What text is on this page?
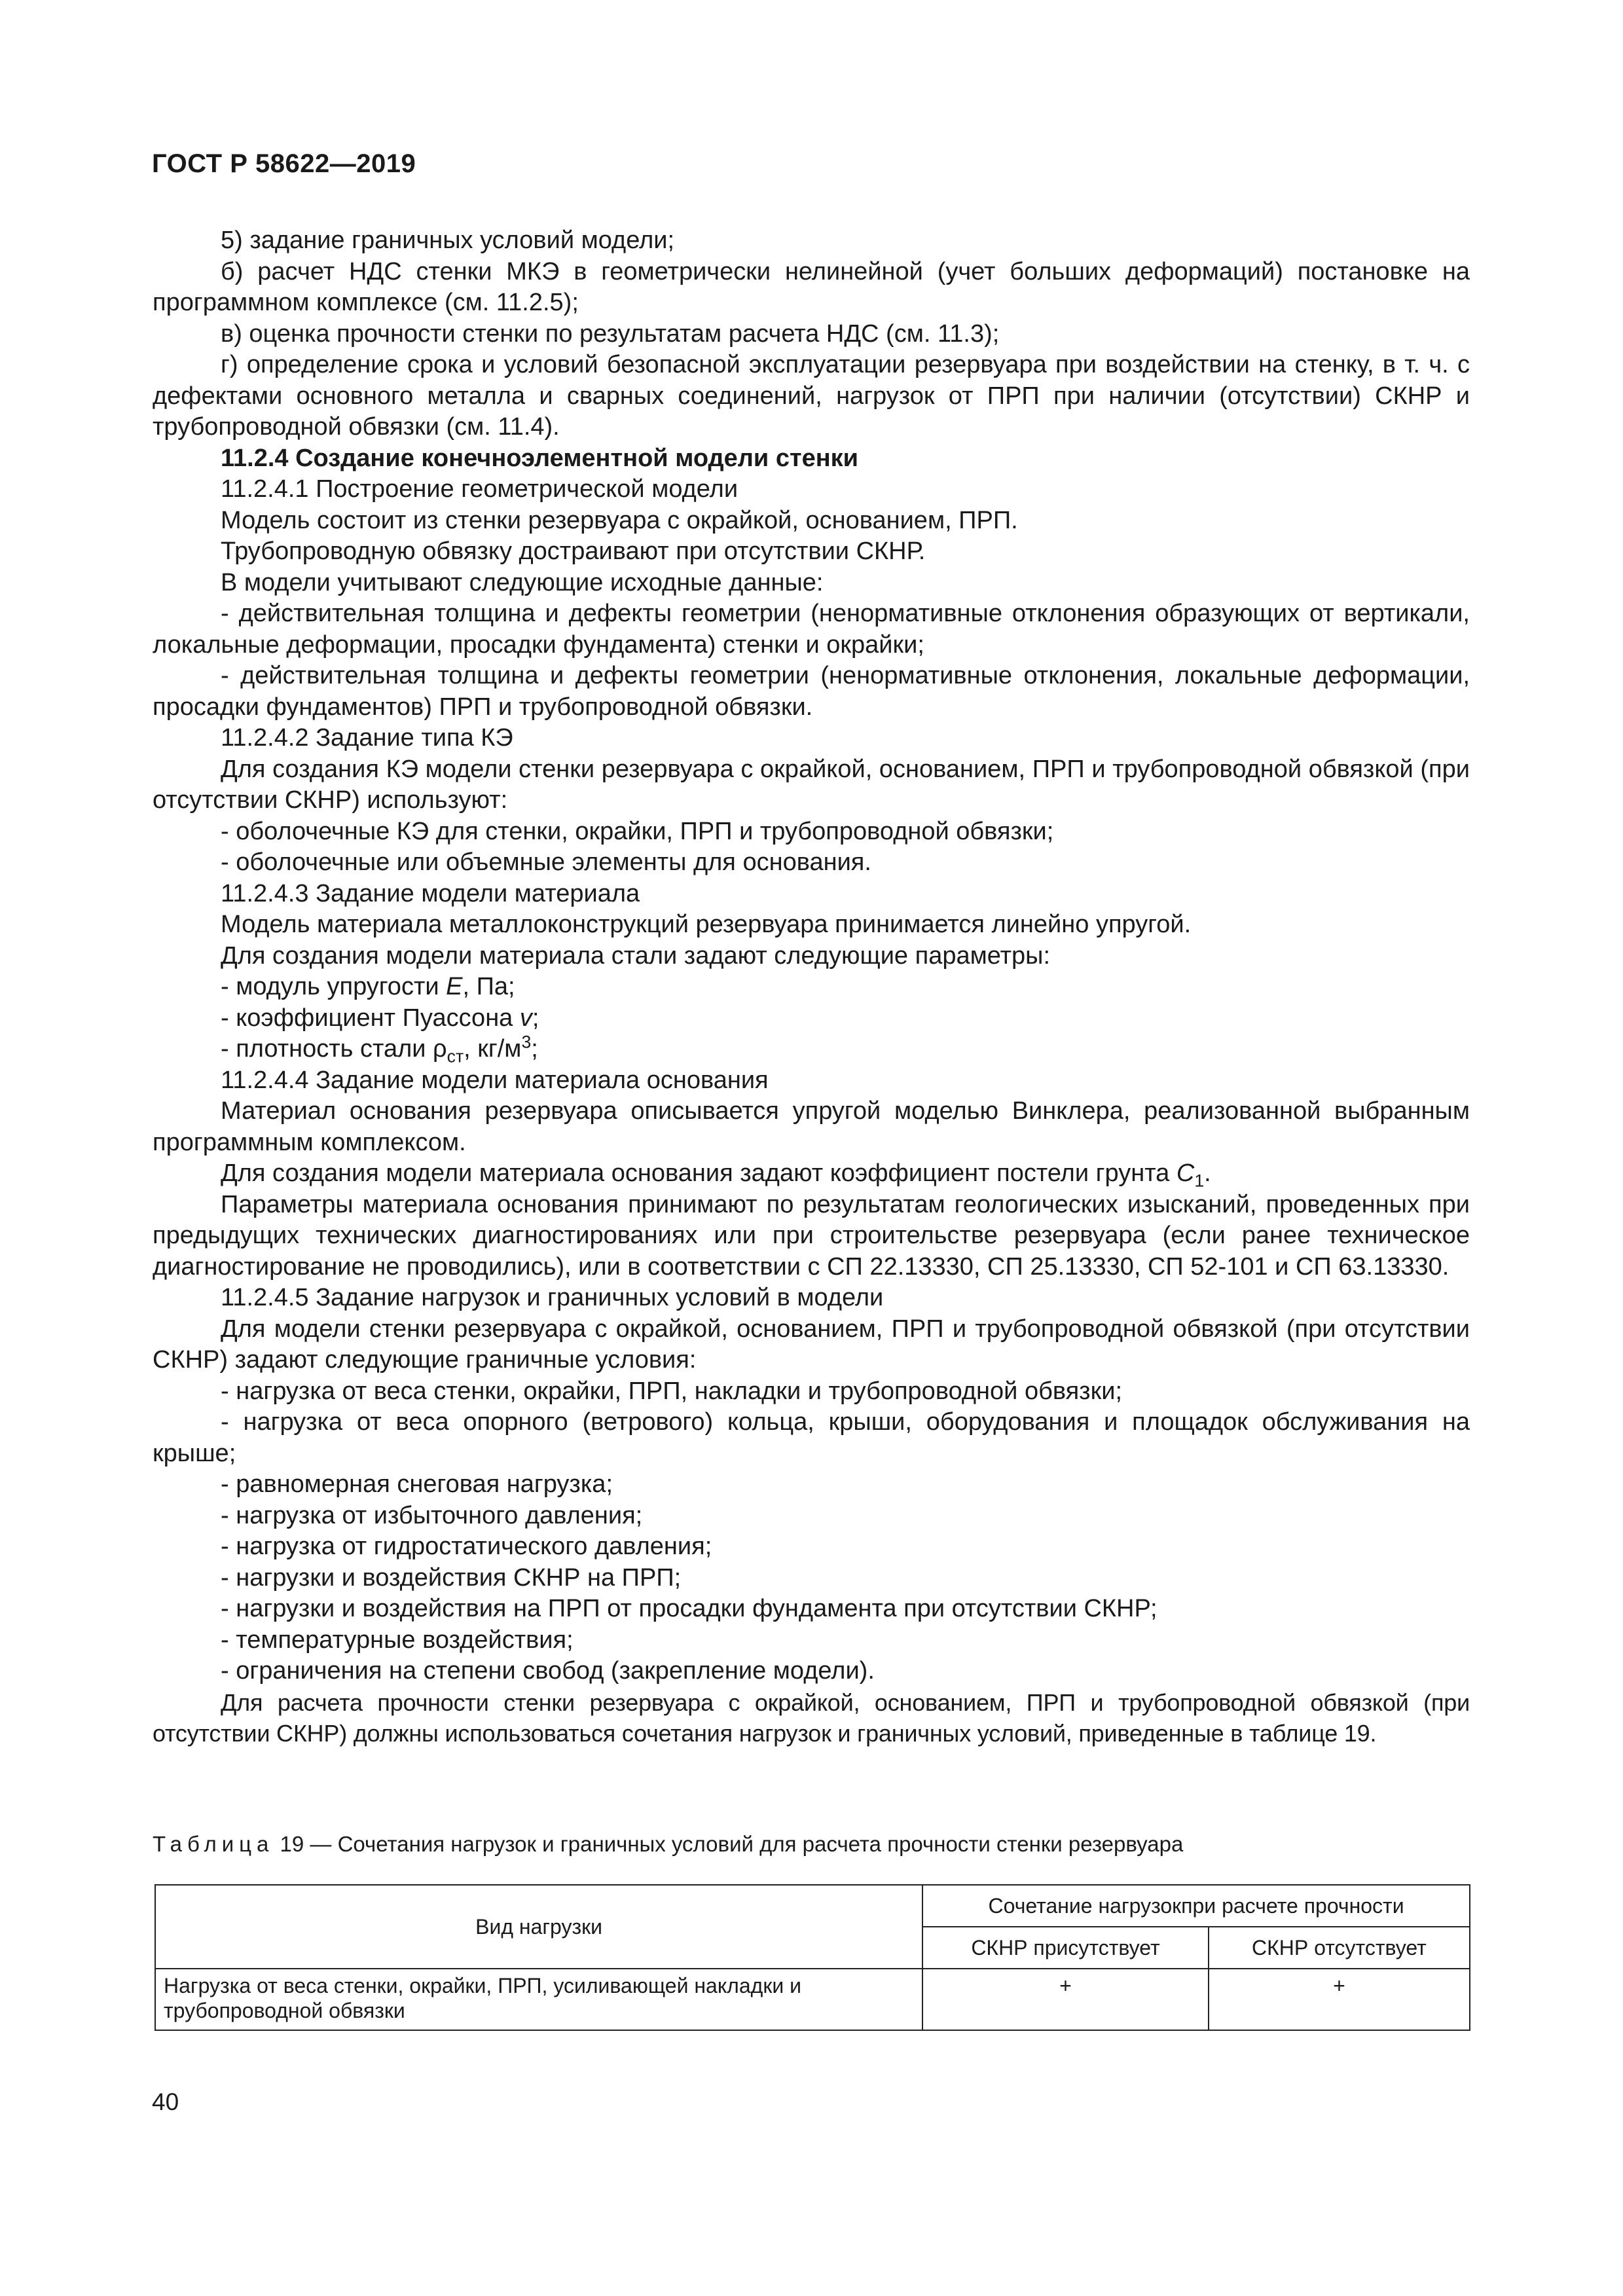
ГОСТ Р 58622—2019

5) задание граничных условий модели;

б) расчет НДС стенки МКЭ в геометрически нелинейной (учет больших деформаций) постановке на программном комплексе (см. 11.2.5);

в) оценка прочности стенки по результатам расчета НДС (см. 11.3);

г) определение срока и условий безопасной эксплуатации резервуара при воздействии на стенку, в т. ч. с дефектами основного металла и сварных соединений, нагрузок от ПРП при наличии (отсутствии) СКНР и трубопроводной обвязки (см. 11.4).

11.2.4 Создание конечноэлементной модели стенки

11.2.4.1 Построение геометрической модели

Модель состоит из стенки резервуара с окрайкой, основанием, ПРП.

Трубопроводную обвязку достраивают при отсутствии СКНР.

В модели учитывают следующие исходные данные:

- действительная толщина и дефекты геометрии (ненормативные отклонения образующих от вертикали, локальные деформации, просадки фундамента) стенки и окрайки;

- действительная толщина и дефекты геометрии (ненормативные отклонения, локальные деформации, просадки фундаментов) ПРП и трубопроводной обвязки.

11.2.4.2 Задание типа КЭ

Для создания КЭ модели стенки резервуара с окрайкой, основанием, ПРП и трубопроводной обвязкой (при отсутствии СКНР) используют:

- оболочечные КЭ для стенки, окрайки, ПРП и трубопроводной обвязки;

- оболочечные или объемные элементы для основания.

11.2.4.3 Задание модели материала

Модель материала металлоконструкций резервуара принимается линейно упругой.

Для создания модели материала стали задают следующие параметры:

- модуль упругости E, Па;

- коэффициент Пуассона v;

- плотность стали $\rho_{ст}$, $кг/м^3$;

11.2.4.4 Задание модели материала основания

Материал основания резервуара описывается упругой моделью Винклера, реализованной выбранным программным комплексом.

Для создания модели материала основания задают коэффициент постели грунта $C_1$.

Параметры материала основания принимают по результатам геологических изысканий, проведенных при предыдущих технических диагностированиях или при строительстве резервуара (если ранее техническое диагностирование не проводились), или в соответствии с СП 22.13330, СП 25.13330, СП 52-101 и СП 63.13330.

11.2.4.5 Задание нагрузок и граничных условий в модели

Для модели стенки резервуара с окрайкой, основанием, ПРП и трубопроводной обвязкой (при отсутствии СКНР) задают следующие граничные условия:

- нагрузка от веса стенки, окрайки, ПРП, накладки и трубопроводной обвязки;

- нагрузка от веса опорного (ветрового) кольца, крыши, оборудования и площадок обслуживания на крыше;

- равномерная снеговая нагрузка;

- нагрузка от избыточного давления;

- нагрузка от гидростатического давления;

- нагрузки и воздействия СКНР на ПРП;

- нагрузки и воздействия на ПРП от просадки фундамента при отсутствии СКНР;

- температурные воздействия;

- ограничения на степени свобод (закрепление модели).

Для расчета прочности стенки резервуара с окрайкой, основанием, ПРП и трубопроводной обвязкой (при отсутствии СКНР) должны использоваться сочетания нагрузок и граничных условий, приведенные в таблице 19.

Таблица 19 — Сочетания нагрузок и граничных условий для расчета прочности стенки резервуара
Вид нагрузки	Сочетание нагрузокпри расчете прочности	
	СКНР присутствует	СКНР отсутствует
Нагрузка от веса стенки, окрайки, ПРП, усиливающей накладки и трубопроводной обвязки	+	+
40
